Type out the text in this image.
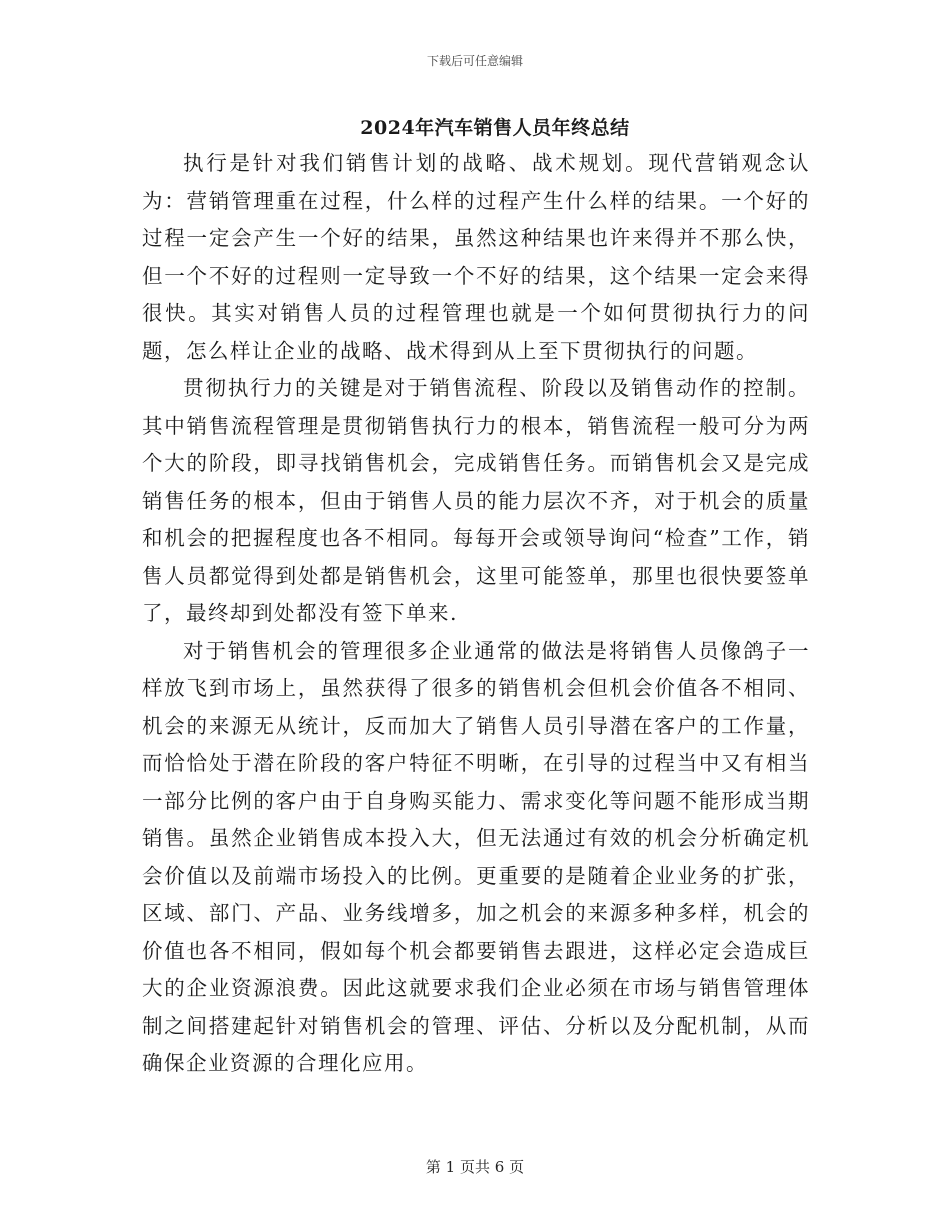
下载后可任意编辑
2024年汽车销售人员年终总结

执行是针对我们销售计划的战略、战术规划。现代营销观念认为：营销管理重在过程，什么样的过程产生什么样的结果。一个好的过程一定会产生一个好的结果，虽然这种结果也许来得并不那么快，但一个不好的过程则一定导致一个不好的结果，这个结果一定会来得很快。其实对销售人员的过程管理也就是一个如何贯彻执行力的问题，怎么样让企业的战略、战术得到从上至下贯彻执行的问题。

贯彻执行力的关键是对于销售流程、阶段以及销售动作的控制。其中销售流程管理是贯彻销售执行力的根本，销售流程一般可分为两个大的阶段，即寻找销售机会，完成销售任务。而销售机会又是完成销售任务的根本，但由于销售人员的能力层次不齐，对于机会的质量和机会的把握程度也各不相同。每每开会或领导询问“检查”工作，销售人员都觉得到处都是销售机会，这里可能签单，那里也很快要签单了，最终却到处都没有签下单来.

对于销售机会的管理很多企业通常的做法是将销售人员像鸽子一样放飞到市场上，虽然获得了很多的销售机会但机会价值各不相同、机会的来源无从统计，反而加大了销售人员引导潜在客户的工作量，而恰恰处于潜在阶段的客户特征不明晰，在引导的过程当中又有相当一部分比例的客户由于自身购买能力、需求变化等问题不能形成当期销售。虽然企业销售成本投入大，但无法通过有效的机会分析确定机会价值以及前端市场投入的比例。更重要的是随着企业业务的扩张，区域、部门、产品、业务线增多，加之机会的来源多种多样，机会的价值也各不相同，假如每个机会都要销售去跟进，这样必定会造成巨大的企业资源浪费。因此这就要求我们企业必须在市场与销售管理体制之间搭建起针对销售机会的管理、评估、分析以及分配机制，从而确保企业资源的合理化应用。

第 1 页共 6 页
